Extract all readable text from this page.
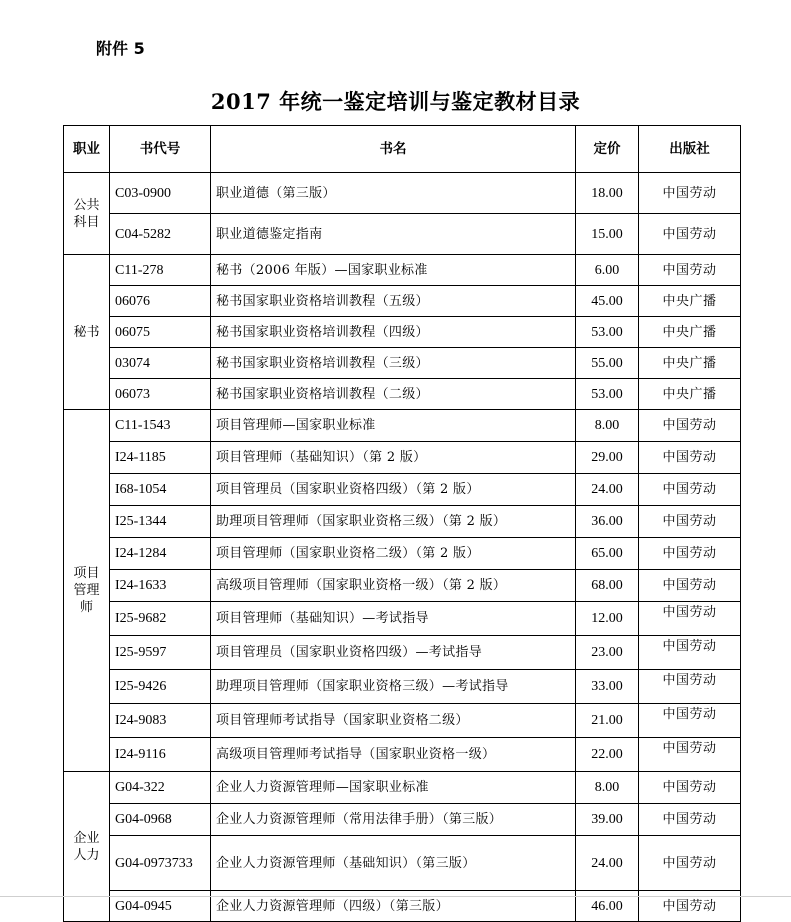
附件 5
2017 年统一鉴定培训与鉴定教材目录
职业	书代号	书名	定价	出版社
公共科目	C03-0900	职业道德（第三版）	18.00	中国劳动
	C04-5282	职业道德鉴定指南	15.00	中国劳动
秘书	C11-278	秘书（2006 年版）—国家职业标准	6.00	中国劳动
	06076	秘书国家职业资格培训教程（五级）	45.00	中央广播
	06075	秘书国家职业资格培训教程（四级）	53.00	中央广播
	03074	秘书国家职业资格培训教程（三级）	55.00	中央广播
	06073	秘书国家职业资格培训教程（二级）	53.00	中央广播
项目管理师	C11-1543	项目管理师—国家职业标准	8.00	中国劳动
	I24-1185	项目管理师（基础知识）（第 2 版）	29.00	中国劳动
	I68-1054	项目管理员（国家职业资格四级）（第 2 版）	24.00	中国劳动
	I25-1344	助理项目管理师（国家职业资格三级）（第 2 版）	36.00	中国劳动
	I24-1284	项目管理师（国家职业资格二级）（第 2 版）	65.00	中国劳动
	I24-1633	高级项目管理师（国家职业资格一级）（第 2 版）	68.00	中国劳动
	I25-9682	项目管理师（基础知识）—考试指导	12.00	中国劳动
	I25-9597	项目管理员（国家职业资格四级）—考试指导	23.00	中国劳动
	I25-9426	助理项目管理师（国家职业资格三级）—考试指导	33.00	中国劳动
	I24-9083	项目管理师考试指导（国家职业资格二级）	21.00	中国劳动
	I24-9116	高级项目管理师考试指导（国家职业资格一级）	22.00	中国劳动
企业人力	G04-322	企业人力资源管理师—国家职业标准	8.00	中国劳动
	G04-0968	企业人力资源管理师（常用法律手册）（第三版）	39.00	中国劳动
	G04-0973733	企业人力资源管理师（基础知识）（第三版）	24.00	中国劳动
	G04-0945	企业人力资源管理师（四级）（第三版）	46.00	中国劳动
